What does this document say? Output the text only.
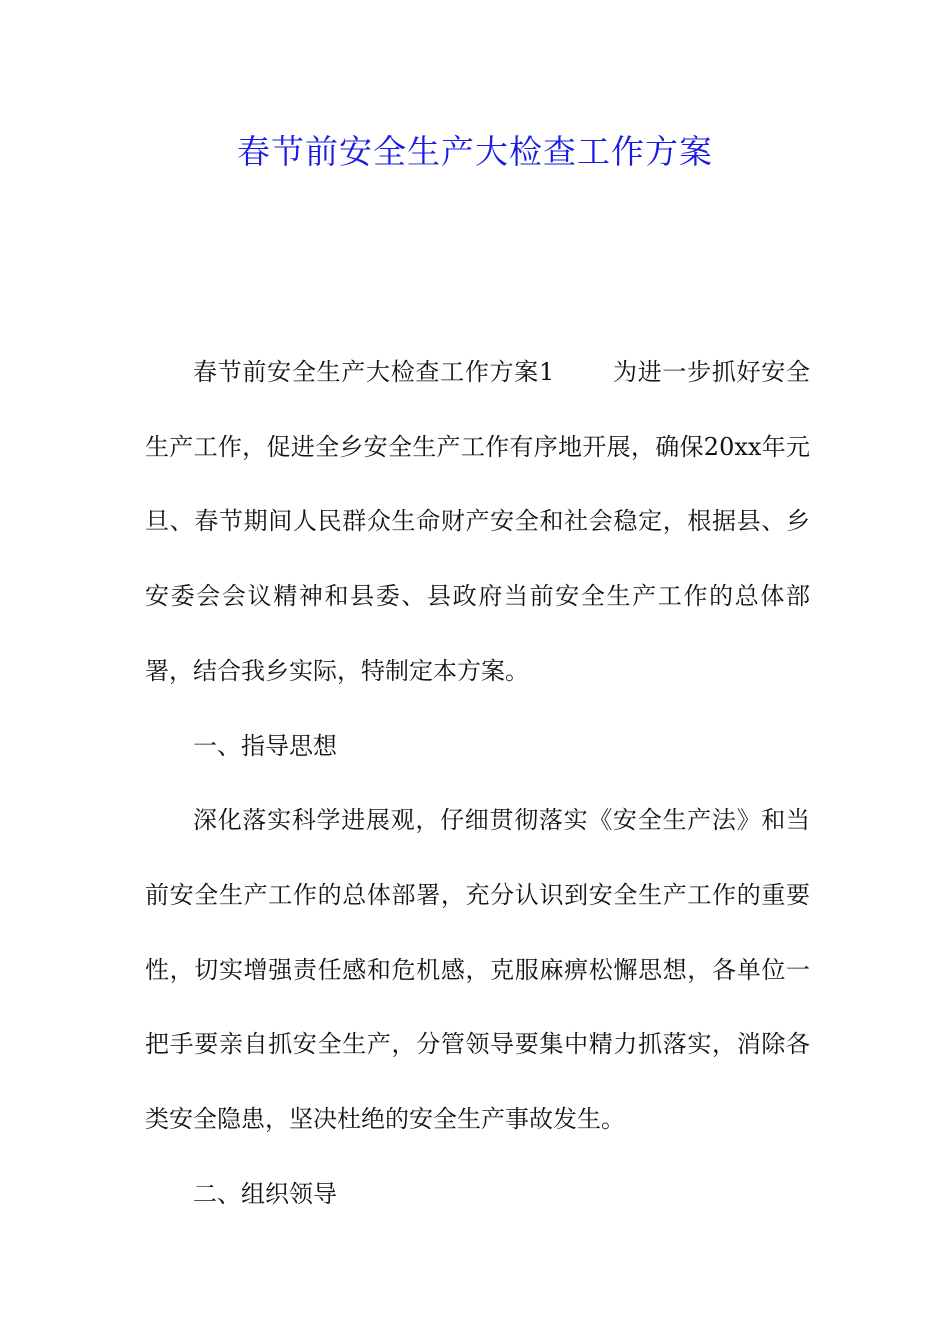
春节前安全生产大检查工作方案

春节前安全生产大检查工作方案1 为进一步抓好安全生产工作，促进全乡安全生产工作有序地开展，确保20xx年元旦、春节期间人民群众生命财产安全和社会稳定，根据县、乡安委会会议精神和县委、县政府当前安全生产工作的总体部署，结合我乡实际，特制定本方案。

一、指导思想

深化落实科学进展观，仔细贯彻落实《安全生产法》和当前安全生产工作的总体部署，充分认识到安全生产工作的重要性，切实增强责任感和危机感，克服麻痹松懈思想，各单位一把手要亲自抓安全生产，分管领导要集中精力抓落实，消除各类安全隐患，坚决杜绝的安全生产事故发生。

二、组织领导
